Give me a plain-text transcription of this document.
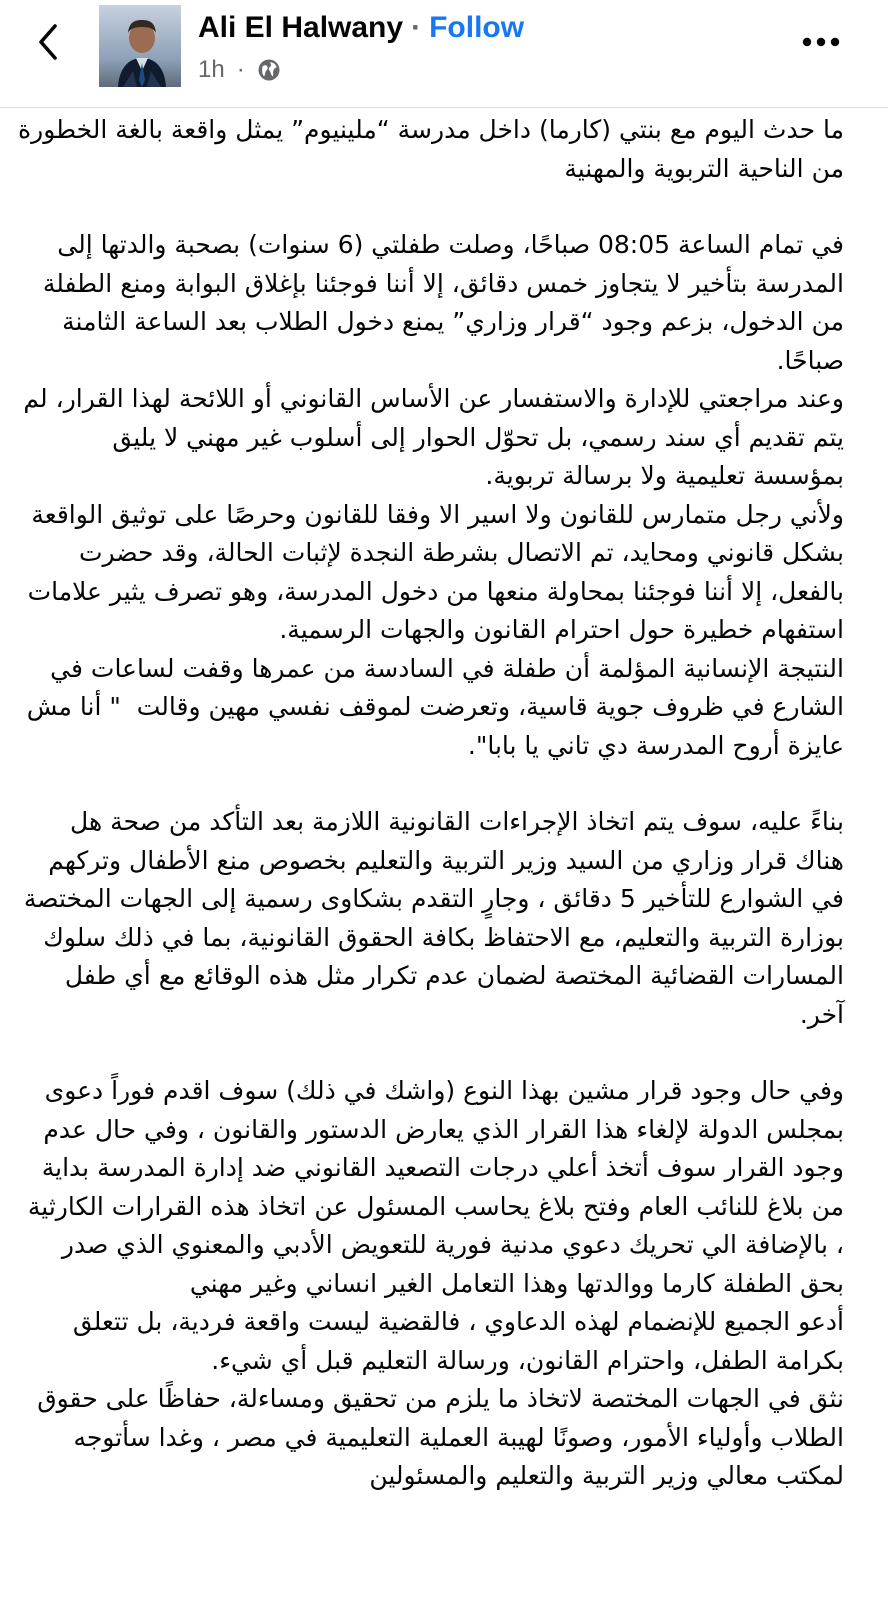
Ali El Halwany · Follow
1h ·

ما حدث اليوم مع بنتي (كارما) داخل مدرسة “ملينيوم” يمثل واقعة بالغة الخطورة من الناحية التربوية والمهنية

في تمام الساعة 08:05 صباحًا، وصلت طفلتي (6 سنوات) بصحبة والدتها إلى المدرسة بتأخير لا يتجاوز خمس دقائق، إلا أننا فوجئنا بإغلاق البوابة ومنع الطفلة من الدخول، بزعم وجود “قرار وزاري” يمنع دخول الطلاب بعد الساعة الثامنة صباحًا.

وعند مراجعتي للإدارة والاستفسار عن الأساس القانوني أو اللائحة لهذا القرار، لم يتم تقديم أي سند رسمي، بل تحوّل الحوار إلى أسلوب غير مهني لا يليق بمؤسسة تعليمية ولا برسالة تربوية.

ولأني رجل متمارس للقانون ولا اسير الا وفقا للقانون وحرصًا على توثيق الواقعة بشكل قانوني ومحايد، تم الاتصال بشرطة النجدة لإثبات الحالة، وقد حضرت بالفعل، إلا أننا فوجئنا بمحاولة منعها من دخول المدرسة، وهو تصرف يثير علامات استفهام خطيرة حول احترام القانون والجهات الرسمية.

النتيجة الإنسانية المؤلمة أن طفلة في السادسة من عمرها وقفت لساعات في الشارع في ظروف جوية قاسية، وتعرضت لموقف نفسي مهين وقالت  " أنا مش عايزة أروح المدرسة دي تاني يا بابا".

بناءً عليه، سوف يتم اتخاذ الإجراءات القانونية اللازمة بعد التأكد من صحة هل هناك قرار وزاري من السيد وزير التربية والتعليم بخصوص منع الأطفال وتركهم في الشوارع للتأخير 5 دقائق ، وجارٍ التقدم بشكاوى رسمية إلى الجهات المختصة بوزارة التربية والتعليم، مع الاحتفاظ بكافة الحقوق القانونية، بما في ذلك سلوك المسارات القضائية المختصة لضمان عدم تكرار مثل هذه الوقائع مع أي طفل آخر.

وفي حال وجود قرار مشين بهذا النوع (واشك في ذلك) سوف اقدم فوراً دعوى بمجلس الدولة لإلغاء هذا القرار الذي يعارض الدستور والقانون ، وفي حال عدم وجود القرار سوف أتخذ أعلي درجات التصعيد القانوني ضد إدارة المدرسة بداية من بلاغ للنائب العام وفتح بلاغ يحاسب المسئول عن اتخاذ هذه القرارات الكارثية ، بالإضافة الي تحريك دعوي مدنية فورية للتعويض الأدبي والمعنوي الذي صدر بحق الطفلة كارما ووالدتها وهذا التعامل الغير انساني وغير مهني

أدعو الجميع للإنضمام لهذه الدعاوي ، فالقضية ليست واقعة فردية، بل تتعلق بكرامة الطفل، واحترام القانون، ورسالة التعليم قبل أي شيء.

نثق في الجهات المختصة لاتخاذ ما يلزم من تحقيق ومساءلة، حفاظًا على حقوق الطلاب وأولياء الأمور، وصونًا لهيبة العملية التعليمية في مصر ، وغدا سأتوجه لمكتب معالي وزير التربية والتعليم والمسئولين
